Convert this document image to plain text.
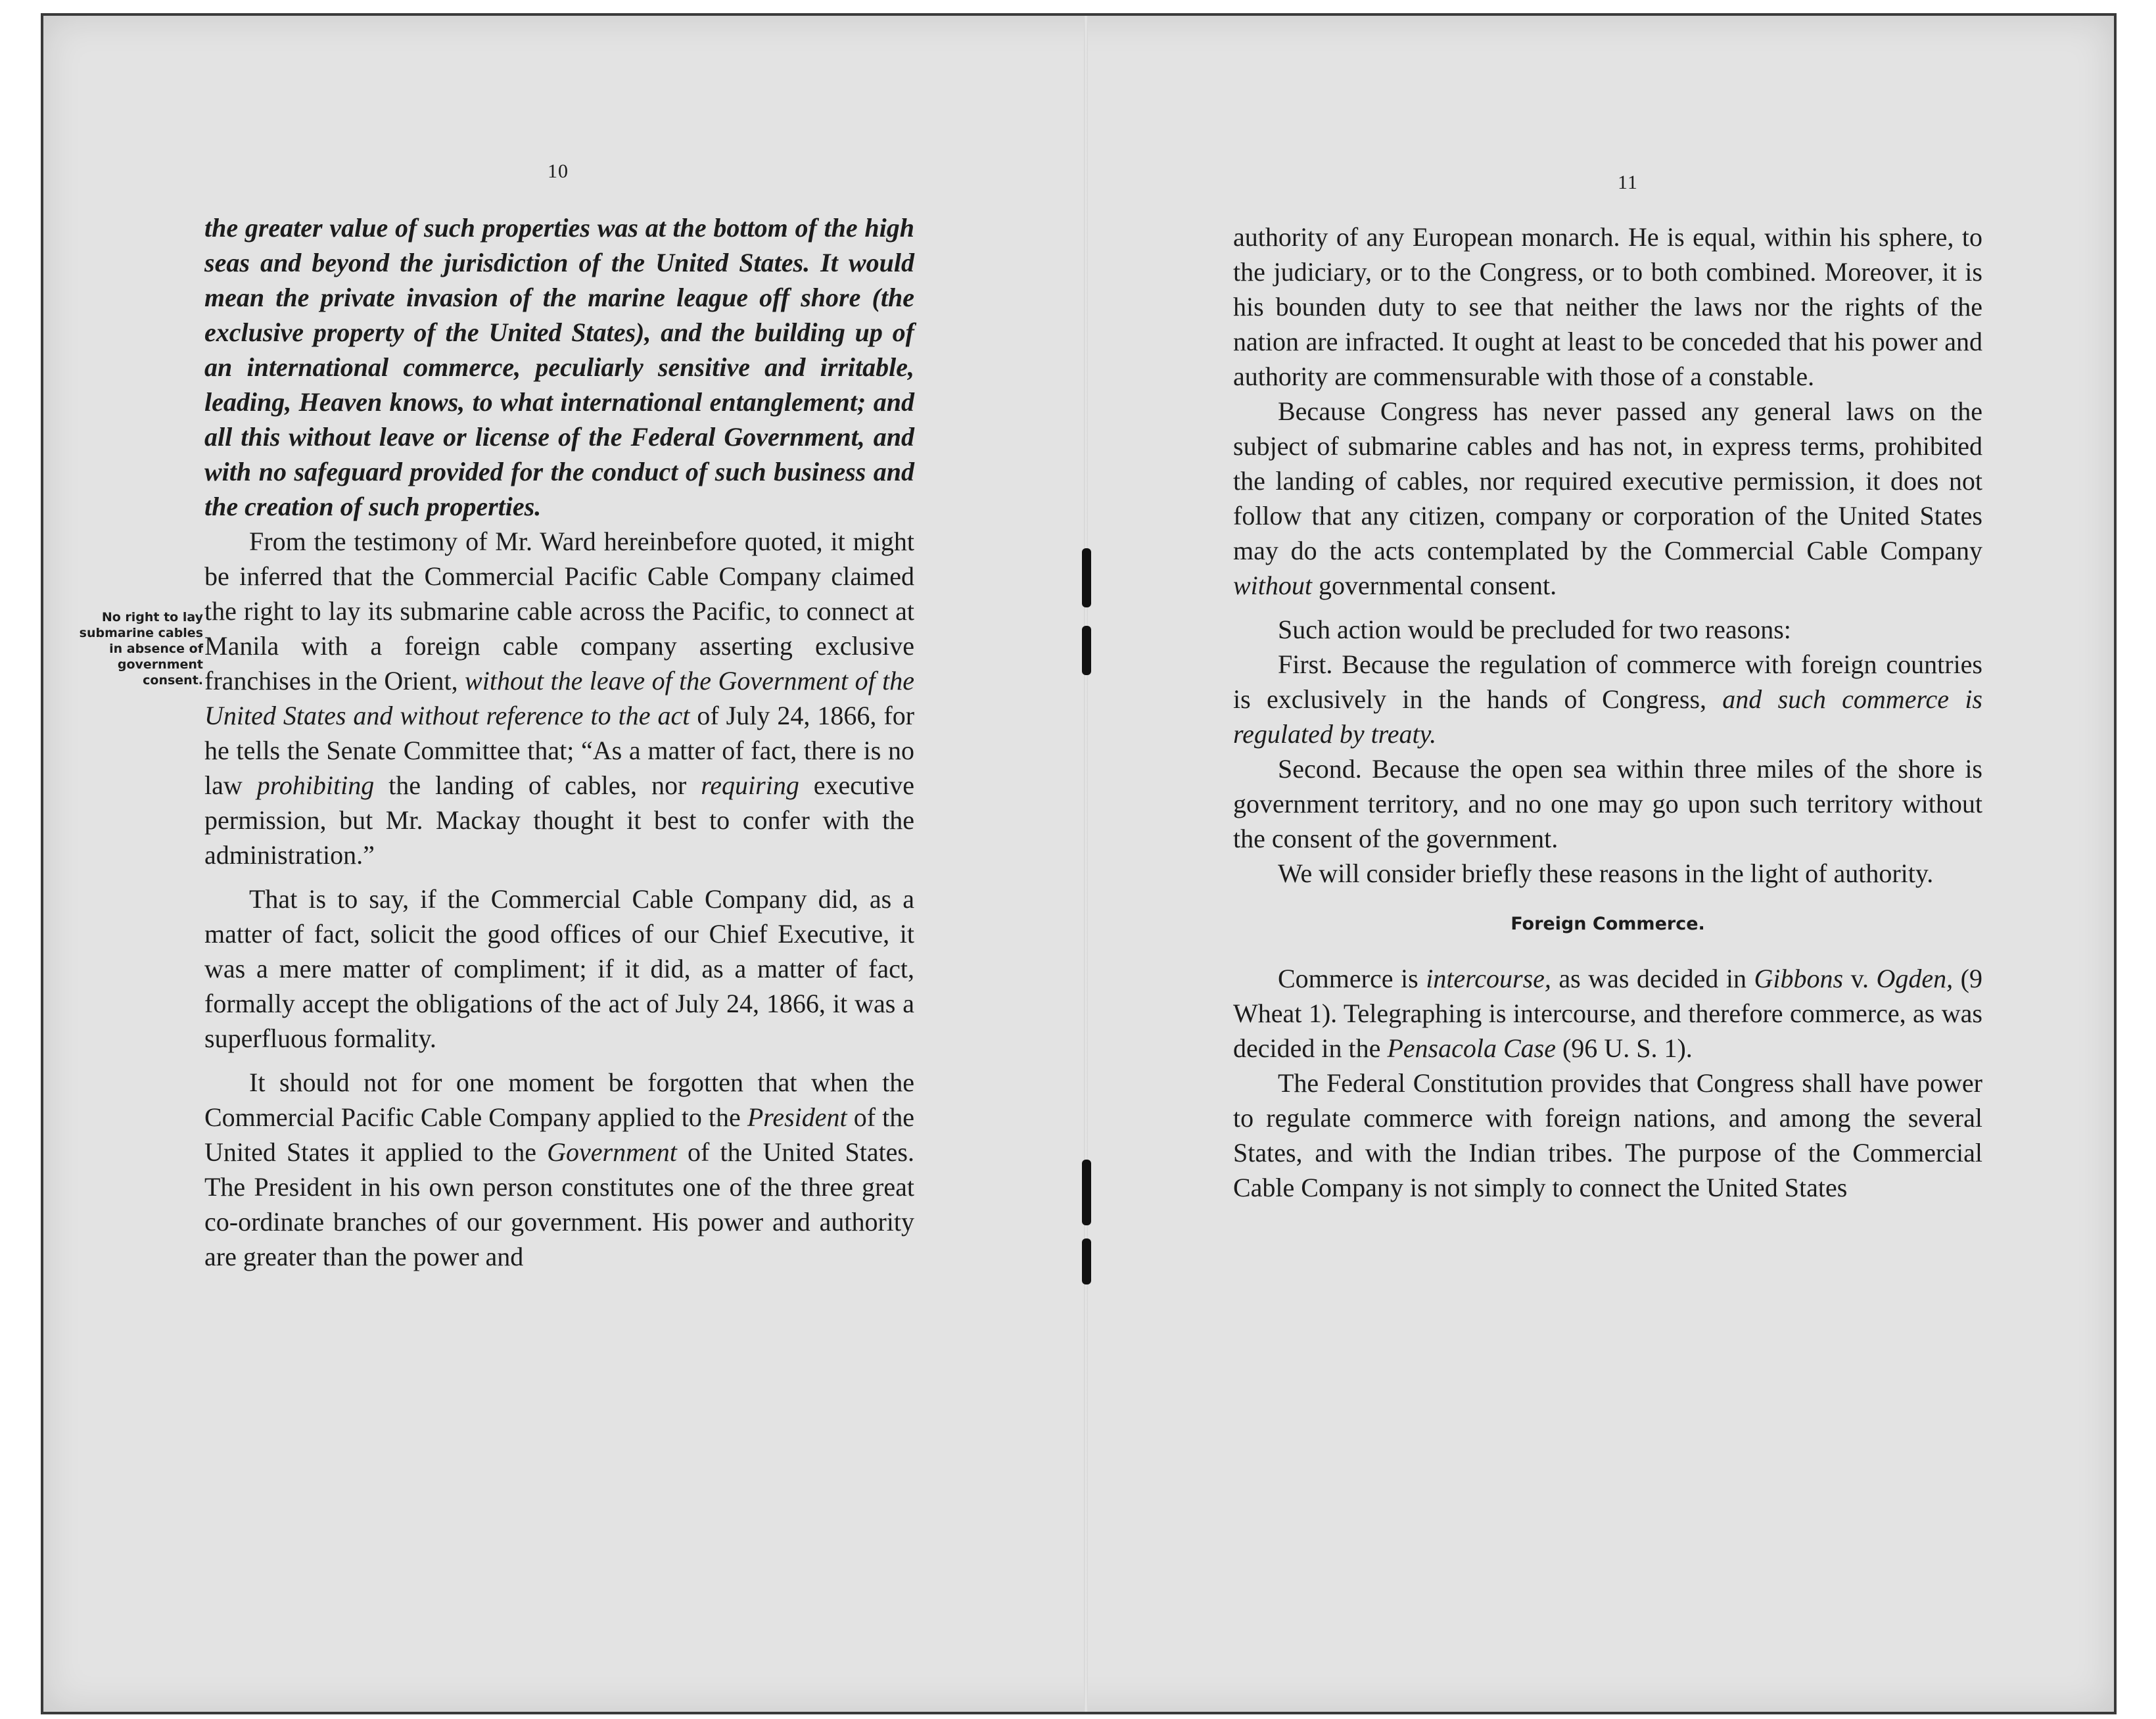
10
No right to lay submarine cables in absence of government consent.

the greater value of such properties was at the bottom of the high seas and beyond the jurisdiction of the United States. It would mean the private invasion of the marine league off shore (the exclusive property of the United States), and the building up of an international commerce, peculiarly sensitive and irritable, leading, Heaven knows, to what international entanglement; and all this without leave or license of the Federal Government, and with no safeguard provided for the conduct of such business and the creation of such properties.

From the testimony of Mr. Ward hereinbefore quoted, it might be inferred that the Commercial Pacific Cable Company claimed the right to lay its submarine cable across the Pacific, to connect at Manila with a foreign cable company asserting exclusive franchises in the Orient, without the leave of the Government of the United States and without reference to the act of July 24, 1866, for he tells the Senate Committee that; “As a matter of fact, there is no law prohibiting the landing of cables, nor requiring executive permission, but Mr. Mackay thought it best to confer with the administration.”

That is to say, if the Commercial Cable Company did, as a matter of fact, solicit the good offices of our Chief Executive, it was a mere matter of compliment; if it did, as a matter of fact, formally accept the obligations of the act of July 24, 1866, it was a superfluous formality.

It should not for one moment be forgotten that when the Commercial Pacific Cable Company applied to the President of the United States it applied to the Government of the United States. The President in his own person constitutes one of the three great co-ordinate branches of our government. His power and authority are greater than the power and

11

authority of any European monarch. He is equal, within his sphere, to the judiciary, or to the Congress, or to both combined. Moreover, it is his bounden duty to see that neither the laws nor the rights of the nation are infracted. It ought at least to be conceded that his power and authority are commensurable with those of a constable.

Because Congress has never passed any general laws on the subject of submarine cables and has not, in express terms, prohibited the landing of cables, nor required executive permission, it does not follow that any citizen, company or corporation of the United States may do the acts contemplated by the Commercial Cable Company without governmental consent.

Such action would be precluded for two reasons:

First. Because the regulation of commerce with foreign countries is exclusively in the hands of Congress, and such commerce is regulated by treaty.

Second. Because the open sea within three miles of the shore is government territory, and no one may go upon such territory without the consent of the government.

We will consider briefly these reasons in the light of authority.

Foreign Commerce.

Commerce is intercourse, as was decided in Gibbons v. Ogden, (9 Wheat 1). Telegraphing is intercourse, and therefore commerce, as was decided in the Pensacola Case (96 U. S. 1).

The Federal Constitution provides that Congress shall have power to regulate commerce with foreign nations, and among the several States, and with the Indian tribes. The purpose of the Commercial Cable Company is not simply to connect the United States
